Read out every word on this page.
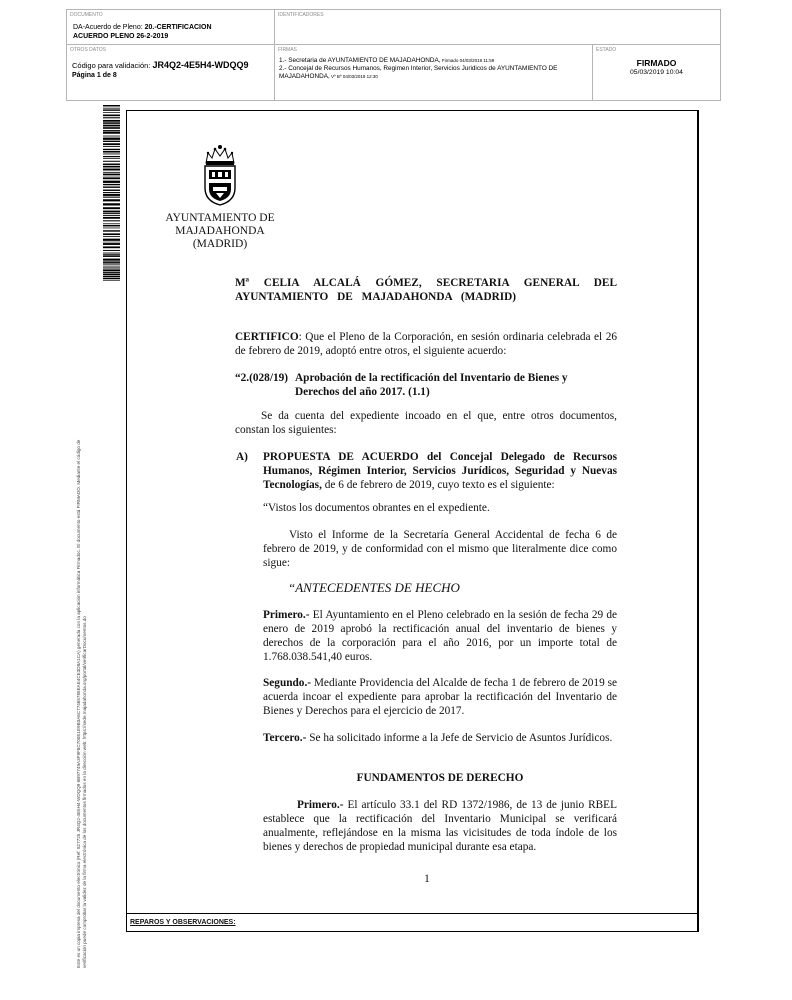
DOCUMENTO
DA-Acuerdo de Pleno: 20.-CERTIFICACION
ACUERDO PLENO 26-2-2019
IDENTIFICADORES
OTROS DATOS
Código para validación: JR4Q2-4E5H4-WDQQ9
Página 1 de 8
FIRMAS
1.- Secretaria de AYUNTAMIENTO DE MAJADAHONDA, Firmado 04/03/2019 11:59
2.- Concejal de Recursos Humanos, Regimen Interior, Servicios Juridicos de AYUNTAMIENTO DE
MAJADAHONDA, Vº Bº 04/03/2019 12:30
ESTADO
FIRMADO
05/03/2019 10:04
Este es un copia impresa del documento electrónico (Ref: 827725 JR4Q2-4E5H4-WDQQ9 6B97749A3F9F8C700E1E9B3A6C77465785EAE4CE3D8A1CA) generada con la aplicación informática Firmadoc. El documento está FIRMADO. Mediante el código de verificación puede comprobar la validez de la firma electrónica de los documentos firmados en la dirección web: https://sede.majadahonda.org/portal/verificarDocumentos.do	REPAROS Y OBSERVACIONES:
AYUNTAMIENTO DE
MAJADAHONDA
(MADRID)
Mª CELIA ALCALÁ GÓMEZ, SECRETARIA GENERAL DEL AYUNTAMIENTO DE MAJADAHONDA (MADRID)
CERTIFICO: Que el Pleno de la Corporación, en sesión ordinaria celebrada el 26 de febrero de 2019, adoptó entre otros, el siguiente acuerdo:
“2.(028/19) Aprobación de la rectificación del Inventario de Bienes y
Derechos del año 2017. (1.1)
Se da cuenta del expediente incoado en el que, entre otros documentos, constan los siguientes:
A)	PROPUESTA DE ACUERDO del Concejal Delegado de Recursos Humanos, Régimen Interior, Servicios Jurídicos, Seguridad y Nuevas Tecnologías, de 6 de febrero de 2019, cuyo texto es el siguiente:
“Vistos los documentos obrantes en el expediente.
Visto el Informe de la Secretaría General Accidental de fecha 6 de febrero de 2019, y de conformidad con el mismo que literalmente dice como sigue:
“ANTECEDENTES DE HECHO
Primero.- El Ayuntamiento en el Pleno celebrado en la sesión de fecha 29 de enero de 2019 aprobó la rectificación anual del inventario de bienes y derechos de la corporación para el año 2016, por un importe total de 1.768.038.541,40 euros.
Segundo.- Mediante Providencia del Alcalde de fecha 1 de febrero de 2019 se acuerda incoar el expediente para aprobar la rectificación del Inventario de Bienes y Derechos para el ejercicio de 2017.
Tercero.- Se ha solicitado informe a la Jefe de Servicio de Asuntos Jurídicos.
FUNDAMENTOS DE DERECHO
Primero.- El artículo 33.1 del RD 1372/1986, de 13 de junio RBEL establece que la rectificación del Inventario Municipal se verificará anualmente, reflejándose en la misma las vicisitudes de toda índole de los bienes y derechos de propiedad municipal durante esa etapa.
1
